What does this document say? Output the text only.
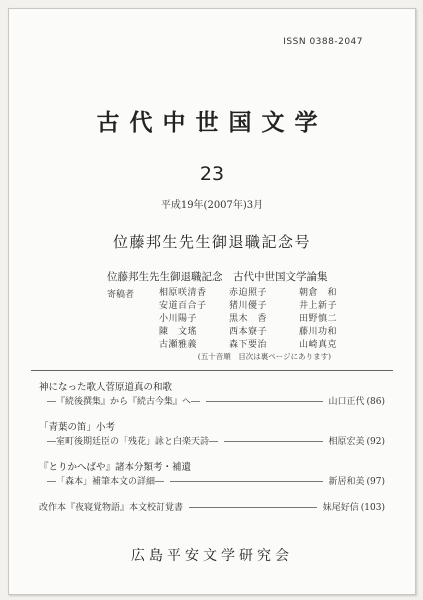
ISSN 0388-2047
古代中世国文学
23
平成19年(2007年)3月
位藤邦生先生御退職記念号
位藤邦生先生御退職記念　古代中世国文学論集
寄稿者	相原咲清香	赤迫照子	朝倉　和
安道百合子	猪川優子	井上新子
小川陽子	黒木　香	田野慎二
陳　文瑤	西本寮子	藤川功和
古瀬雅義	森下要治	山崎真克
(五十音順　目次は裏ページにあります)
神になった歌人菅原道真の和歌
―『続後撰集』から『続古今集』へ―	山口正代 (86)
「青葉の笛」小考
―室町後期廷臣の「残花」詠と白楽天詩―	相原宏美 (92)
『とりかへばや』諸本分類考・補遺
―「森本」補筆本文の詳細―	新居和美 (97)
改作本『夜寝覚物語』本文校訂覚書	妹尾好信 (103)
広島平安文学研究会
